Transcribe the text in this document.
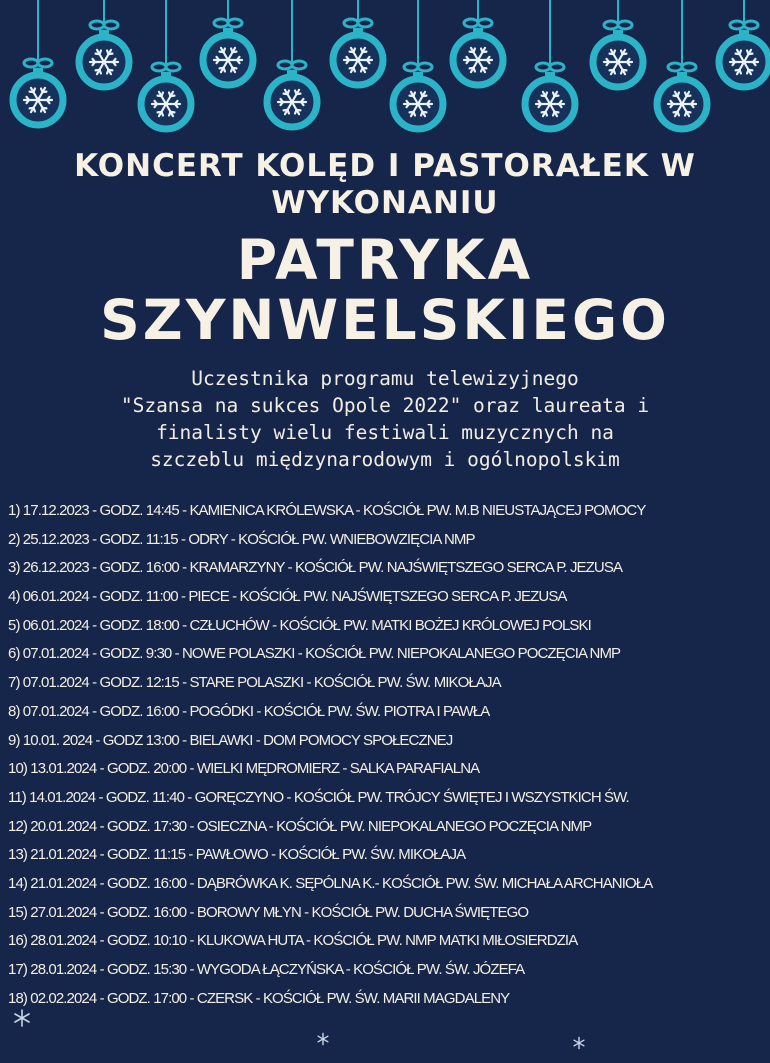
KONCERT KOLĘD I PASTORAŁEK W
WYKONANIU
PATRYKA
SZYNWELSKIEGO
Uczestnika programu telewizyjnego
"Szansa na sukces Opole 2022" oraz laureata i
finalisty wielu festiwali muzycznych na
szczeblu międzynarodowym i ogólnopolskim
1) 17.12.2023 - GODZ. 14:45 - KAMIENICA KRÓLEWSKA - KOŚCIÓŁ PW. M.B NIEUSTAJĄCEJ POMOCY
2) 25.12.2023 - GODZ. 11:15 - ODRY - KOŚCIÓŁ PW. WNIEBOWZIĘCIA NMP
3) 26.12.2023 - GODZ. 16:00 - KRAMARZYNY - KOŚCIÓŁ PW. NAJŚWIĘTSZEGO SERCA P. JEZUSA
4) 06.01.2024 - GODZ. 11:00 - PIECE - KOŚCIÓŁ PW. NAJŚWIĘTSZEGO SERCA P. JEZUSA
5) 06.01.2024 - GODZ. 18:00 - CZŁUCHÓW - KOŚCIÓŁ PW. MATKI BOŻEJ KRÓLOWEJ POLSKI
6) 07.01.2024 - GODZ. 9:30 - NOWE POLASZKI - KOŚCIÓŁ PW. NIEPOKALANEGO POCZĘCIA NMP
7) 07.01.2024 - GODZ. 12:15 - STARE POLASZKI - KOŚCIÓŁ PW. ŚW. MIKOŁAJA
8) 07.01.2024 - GODZ. 16:00 - POGÓDKI - KOŚCIÓŁ PW. ŚW. PIOTRA I PAWŁA
9) 10.01. 2024 - GODZ 13:00 - BIELAWKI - DOM POMOCY SPOŁECZNEJ
10) 13.01.2024 - GODZ. 20:00 - WIELKI MĘDROMIERZ - SALKA PARAFIALNA
11) 14.01.2024 - GODZ. 11:40 - GORĘCZYNO - KOŚCIÓŁ PW. TRÓJCY ŚWIĘTEJ I WSZYSTKICH ŚW.
12) 20.01.2024 - GODZ. 17:30 - OSIECZNA - KOŚCIÓŁ PW. NIEPOKALANEGO POCZĘCIA NMP
13) 21.01.2024 - GODZ. 11:15 - PAWŁOWO - KOŚCIÓŁ PW. ŚW. MIKOŁAJA
14) 21.01.2024 - GODZ. 16:00 - DĄBRÓWKA K. SĘPÓLNA K.- KOŚCIÓŁ PW. ŚW. MICHAŁA ARCHANIOŁA
15) 27.01.2024 - GODZ. 16:00 - BOROWY MŁYN - KOŚCIÓŁ PW. DUCHA ŚWIĘTEGO
16) 28.01.2024 - GODZ. 10:10 - KLUKOWA HUTA - KOŚCIÓŁ PW. NMP MATKI MIŁOSIERDZIA
17) 28.01.2024 - GODZ. 15:30 - WYGODA ŁĄCZYŃSKA - KOŚCIÓŁ PW. ŚW. JÓZEFA
18) 02.02.2024 - GODZ. 17:00 - CZERSK - KOŚCIÓŁ PW. ŚW. MARII MAGDALENY
